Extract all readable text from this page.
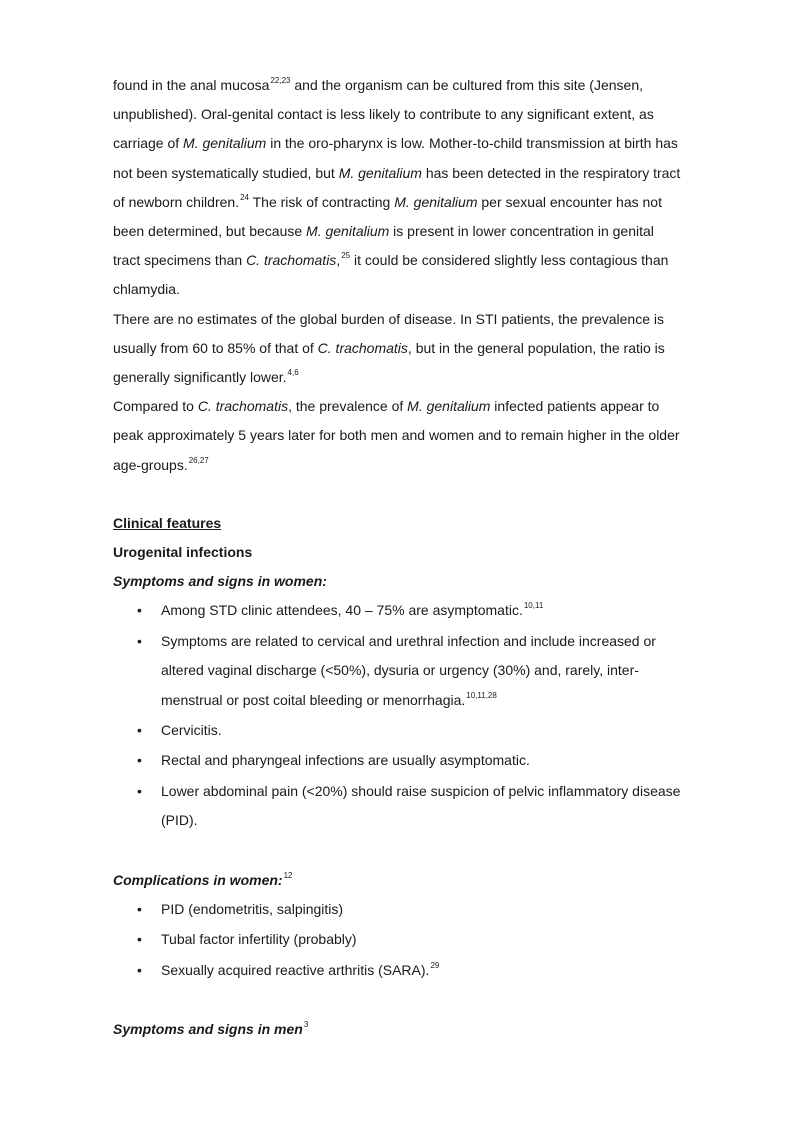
found in the anal mucosa$^{22,23}$ and the organism can be cultured from this site (Jensen, unpublished). Oral-genital contact is less likely to contribute to any significant extent, as carriage of M. genitalium in the oro-pharynx is low. Mother-to-child transmission at birth has not been systematically studied, but M. genitalium has been detected in the respiratory tract of newborn children.$^{24}$ The risk of contracting M. genitalium per sexual encounter has not been determined, but because M. genitalium is present in lower concentration in genital tract specimens than C. trachomatis,$^{25}$ it could be considered slightly less contagious than chlamydia.

There are no estimates of the global burden of disease. In STI patients, the prevalence is usually from 60 to 85% of that of C. trachomatis, but in the general population, the ratio is generally significantly lower.$^{4,6}$

Compared to C. trachomatis, the prevalence of M. genitalium infected patients appear to peak approximately 5 years later for both men and women and to remain higher in the older age-groups.$^{26,27}$

Clinical features

Urogenital infections

Symptoms and signs in women:

• Among STD clinic attendees, 40 – 75% are asymptomatic.$^{10,11}$
• Symptoms are related to cervical and urethral infection and include increased or altered vaginal discharge (<50%), dysuria or urgency (30%) and, rarely, inter-menstrual or post coital bleeding or menorrhagia.$^{10,11,28}$
• Cervicitis.
• Rectal and pharyngeal infections are usually asymptomatic.
• Lower abdominal pain (<20%) should raise suspicion of pelvic inflammatory disease (PID).

Complications in women:$^{12}$

• PID (endometritis, salpingitis)
• Tubal factor infertility (probably)
• Sexually acquired reactive arthritis (SARA).$^{29}$

Symptoms and signs in men$^3$
